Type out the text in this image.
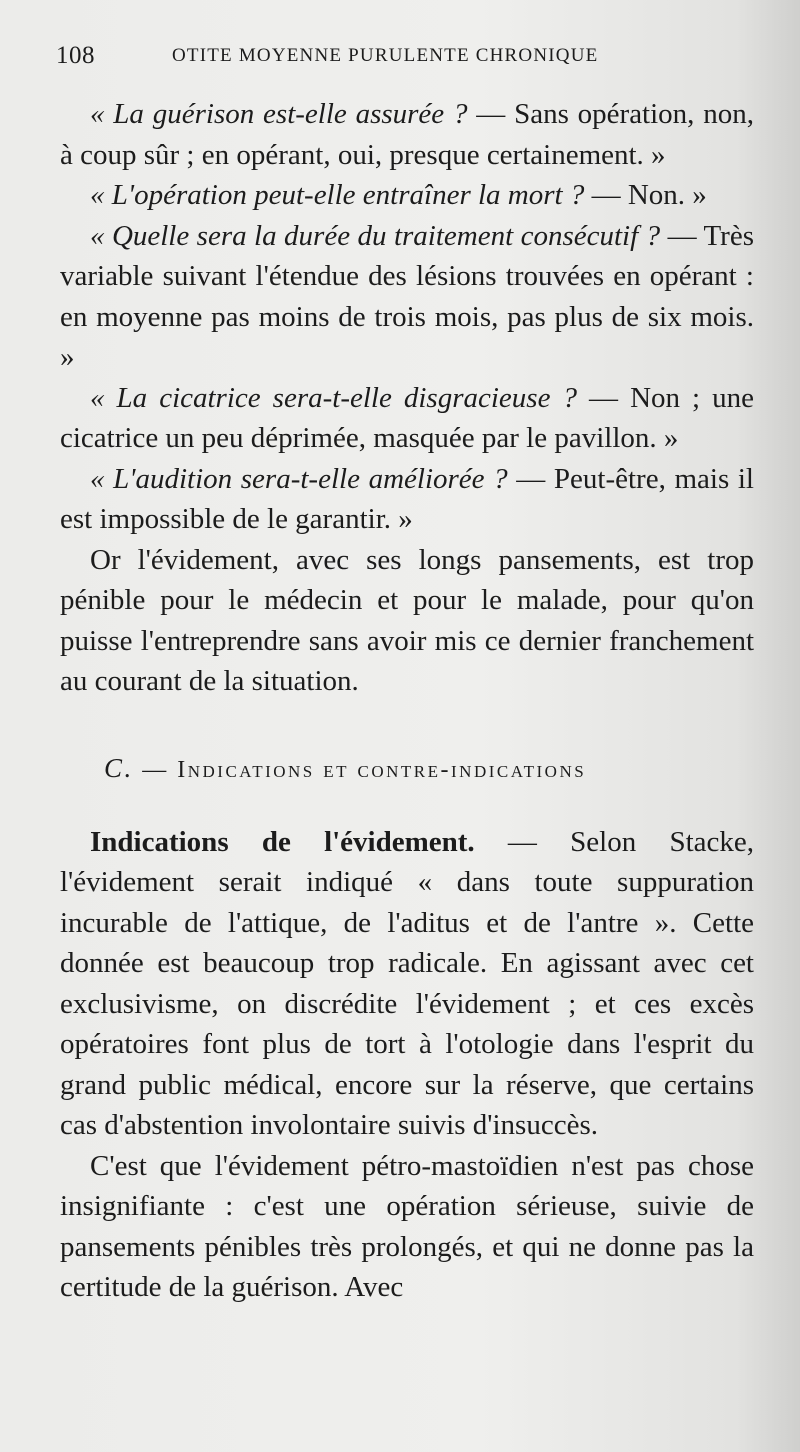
108	OTITE MOYENNE PURULENTE CHRONIQUE

« La guérison est-elle assurée ? — Sans opération, non, à coup sûr ; en opérant, oui, presque certainement. »

« L'opération peut-elle entraîner la mort ? — Non. »

« Quelle sera la durée du traitement consécutif ? — Très variable suivant l'étendue des lésions trouvées en opérant : en moyenne pas moins de trois mois, pas plus de six mois. »

« La cicatrice sera-t-elle disgracieuse ? — Non ; une cicatrice un peu déprimée, masquée par le pavillon. »

« L'audition sera-t-elle améliorée ? — Peut-être, mais il est impossible de le garantir. »

Or l'évidement, avec ses longs pansements, est trop pénible pour le médecin et pour le malade, pour qu'on puisse l'entreprendre sans avoir mis ce dernier franchement au courant de la situation.

C. — Indications et contre-indications

Indications de l'évidement. — Selon Stacke, l'évidement serait indiqué « dans toute suppuration incurable de l'attique, de l'aditus et de l'antre ». Cette donnée est beaucoup trop radicale. En agissant avec cet exclusivisme, on discrédite l'évidement ; et ces excès opératoires font plus de tort à l'otologie dans l'esprit du grand public médical, encore sur la réserve, que certains cas d'abstention involontaire suivis d'insuccès.

C'est que l'évidement pétro-mastoïdien n'est pas chose insignifiante : c'est une opération sérieuse, suivie de pansements pénibles très prolongés, et qui ne donne pas la certitude de la guérison. Avec
